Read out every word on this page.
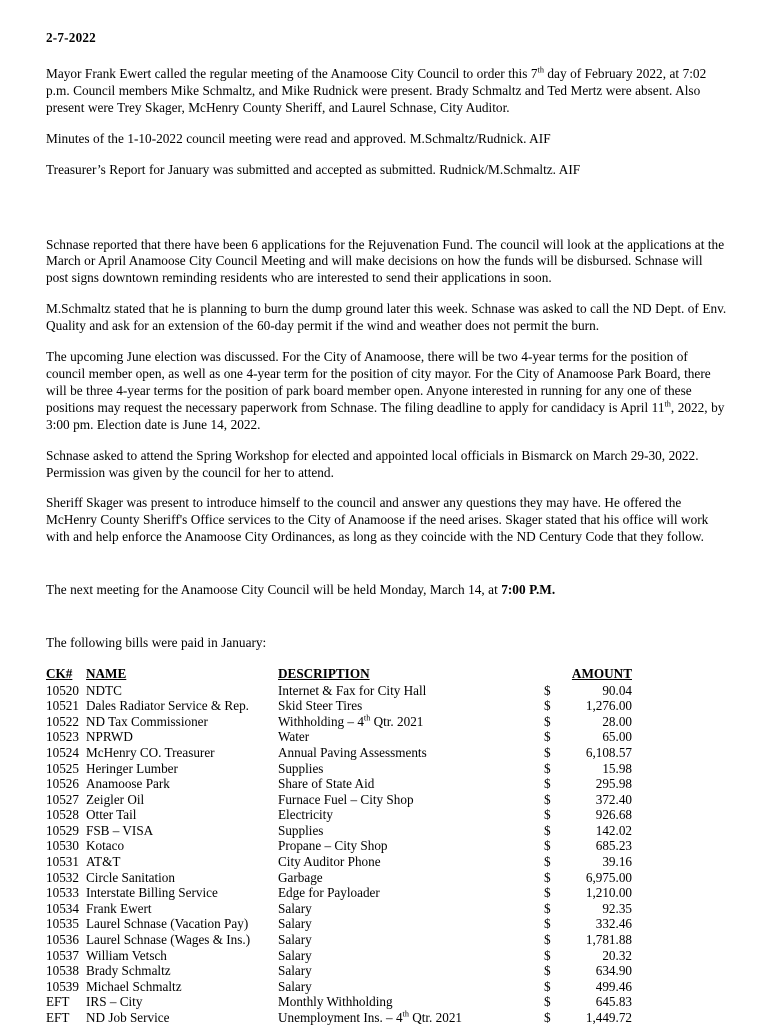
2-7-2022

Mayor Frank Ewert called the regular meeting of the Anamoose City Council to order this 7th day of February 2022, at 7:02 p.m. Council members Mike Schmaltz, and Mike Rudnick were present. Brady Schmaltz and Ted Mertz were absent. Also present were Trey Skager, McHenry County Sheriff, and Laurel Schnase, City Auditor.

Minutes of the 1-10-2022 council meeting were read and approved. M.Schmaltz/Rudnick. AIF

Treasurer’s Report for January was submitted and accepted as submitted. Rudnick/M.Schmaltz. AIF

Schnase reported that there have been 6 applications for the Rejuvenation Fund. The council will look at the applications at the March or April Anamoose City Council Meeting and will make decisions on how the funds will be disbursed. Schnase will post signs downtown reminding residents who are interested to send their applications in soon.

M.Schmaltz stated that he is planning to burn the dump ground later this week. Schnase was asked to call the ND Dept. of Env. Quality and ask for an extension of the 60-day permit if the wind and weather does not permit the burn.

The upcoming June election was discussed. For the City of Anamoose, there will be two 4-year terms for the position of council member open, as well as one 4-year term for the position of city mayor. For the City of Anamoose Park Board, there will be three 4-year terms for the position of park board member open. Anyone interested in running for any one of these positions may request the necessary paperwork from Schnase. The filing deadline to apply for candidacy is April 11th, 2022, by 3:00 pm. Election date is June 14, 2022.

Schnase asked to attend the Spring Workshop for elected and appointed local officials in Bismarck on March 29-30, 2022. Permission was given by the council for her to attend.

Sheriff Skager was present to introduce himself to the council and answer any questions they may have. He offered the McHenry County Sheriff's Office services to the City of Anamoose if the need arises. Skager stated that his office will work with and help enforce the Anamoose City Ordinances, as long as they coincide with the ND Century Code that they follow.

The next meeting for the Anamoose City Council will be held Monday, March 14, at 7:00 P.M.

The following bills were paid in January:

CK#	NAME	DESCRIPTION		AMOUNT
10520	NDTC	Internet & Fax for City Hall	$	90.04
10521	Dales Radiator Service & Rep.	Skid Steer Tires	$	1,276.00
10522	ND Tax Commissioner	Withholding – 4th Qtr. 2021	$	28.00
10523	NPRWD	Water	$	65.00
10524	McHenry CO. Treasurer	Annual Paving Assessments	$	6,108.57
10525	Heringer Lumber	Supplies	$	15.98
10526	Anamoose Park	Share of State Aid	$	295.98
10527	Zeigler Oil	Furnace Fuel – City Shop	$	372.40
10528	Otter Tail	Electricity	$	926.68
10529	FSB – VISA	Supplies	$	142.02
10530	Kotaco	Propane – City Shop	$	685.23
10531	AT&T	City Auditor Phone	$	39.16
10532	Circle Sanitation	Garbage	$	6,975.00
10533	Interstate Billing Service	Edge for Payloader	$	1,210.00
10534	Frank Ewert	Salary	$	92.35
10535	Laurel Schnase (Vacation Pay)	Salary	$	332.46
10536	Laurel Schnase (Wages & Ins.)	Salary	$	1,781.88
10537	William Vetsch	Salary	$	20.32
10538	Brady Schmaltz	Salary	$	634.90
10539	Michael Schmaltz	Salary	$	499.46
EFT	IRS – City	Monthly Withholding	$	645.83
EFT	ND Job Service	Unemployment Ins. – 4th Qtr. 2021	$	1,449.72
